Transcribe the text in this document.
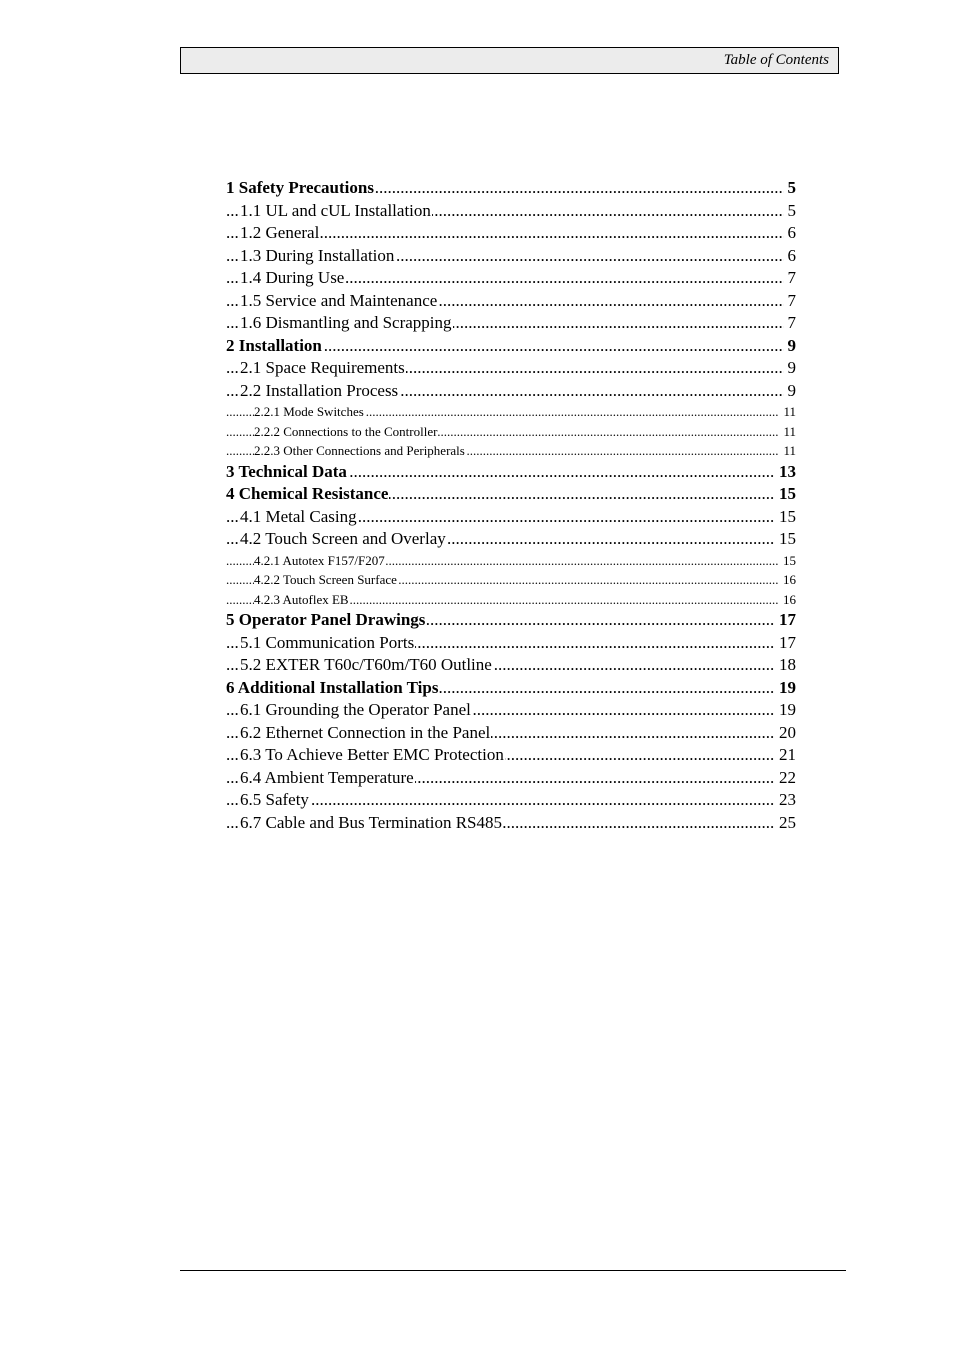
Table of Contents
1 Safety Precautions	5
.....
1.1 UL and cUL Installation	5
.....
1.2 General	6
.....
1.3 During Installation	6
.....
1.4 During Use	7
.....
1.5 Service and Maintenance	7
.....
1.6 Dismantling and Scrapping	7
.....
2 Installation	9
.....
2.1 Space Requirements	9
.....
2.2 Installation Process	9
.....
2.2.1 Mode Switches	11
.....
2.2.2 Connections to the Controller	11
.....
2.2.3 Other Connections and Peripherals	11
.....
3 Technical Data	13
.....
4 Chemical Resistance	15
.....
4.1 Metal Casing	15
.....
4.2 Touch Screen and Overlay	15
.....
4.2.1 Autotex F157/F207	15
.....
4.2.2 Touch Screen Surface	16
.....
4.2.3 Autoflex EB	16
.....
5 Operator Panel Drawings	17
.....
5.1 Communication Ports	17
.....
5.2 EXTER T60c/T60m/T60 Outline	18
.....
6 Additional Installation Tips	19
.....
6.1 Grounding the Operator Panel	19
.....
6.2 Ethernet Connection in the Panel	20
.....
6.3 To Achieve Better EMC Protection	21
.....
6.4 Ambient Temperature	22
.....
6.5 Safety	23
.....
6.7 Cable and Bus Termination RS485	25
.....
